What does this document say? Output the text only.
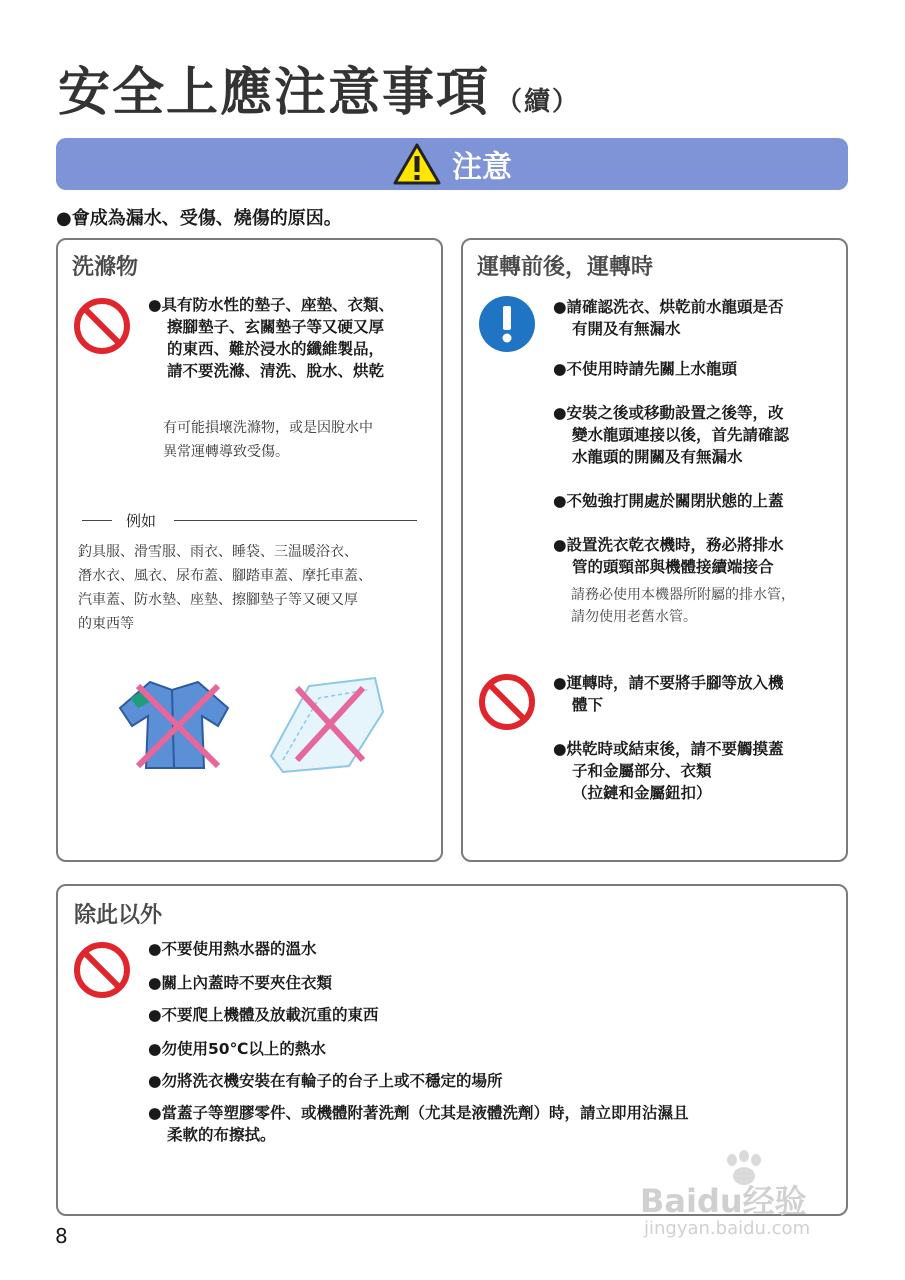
安全上應注意事項 （續）
注意
●會成為漏水、受傷、燒傷的原因。
洗滌物
●具有防水性的墊子、座墊、衣類、
擦腳墊子、玄關墊子等又硬又厚
的東西、難於浸水的纖維製品，
請不要洗滌、清洗、脫水、烘乾
有可能損壞洗滌物，或是因脫水中
異常運轉導致受傷。
例如
釣具服、滑雪服、雨衣、睡袋、三温暖浴衣、
潛水衣、風衣、尿布蓋、腳踏車蓋、摩托車蓋、
汽車蓋、防水墊、座墊、擦腳墊子等又硬又厚
的東西等
運轉前後，運轉時
●請確認洗衣、烘乾前水龍頭是否
有開及有無漏水
●不使用時請先關上水龍頭
●安裝之後或移動設置之後等，改
變水龍頭連接以後，首先請確認
水龍頭的開關及有無漏水
●不勉強打開處於關閉狀態的上蓋
●設置洗衣乾衣機時，務必將排水
管的頭頸部與機體接續端接合
請務必使用本機器所附屬的排水管，
請勿使用老舊水管。
●運轉時，請不要將手腳等放入機
體下
●烘乾時或結束後，請不要觸摸蓋
子和金屬部分、衣類
（拉鏈和金屬鈕扣）
除此以外
●不要使用熱水器的溫水
●關上內蓋時不要夾住衣類
●不要爬上機體及放載沉重的東西
●勿使用50℃以上的熱水
●勿將洗衣機安裝在有輪子的台子上或不穩定的場所
●當蓋子等塑膠零件、或機體附著洗劑（尤其是液體洗劑）時，請立即用沾濕且
柔軟的布擦拭。
8
Baidu经验
jingyan.baidu.com
